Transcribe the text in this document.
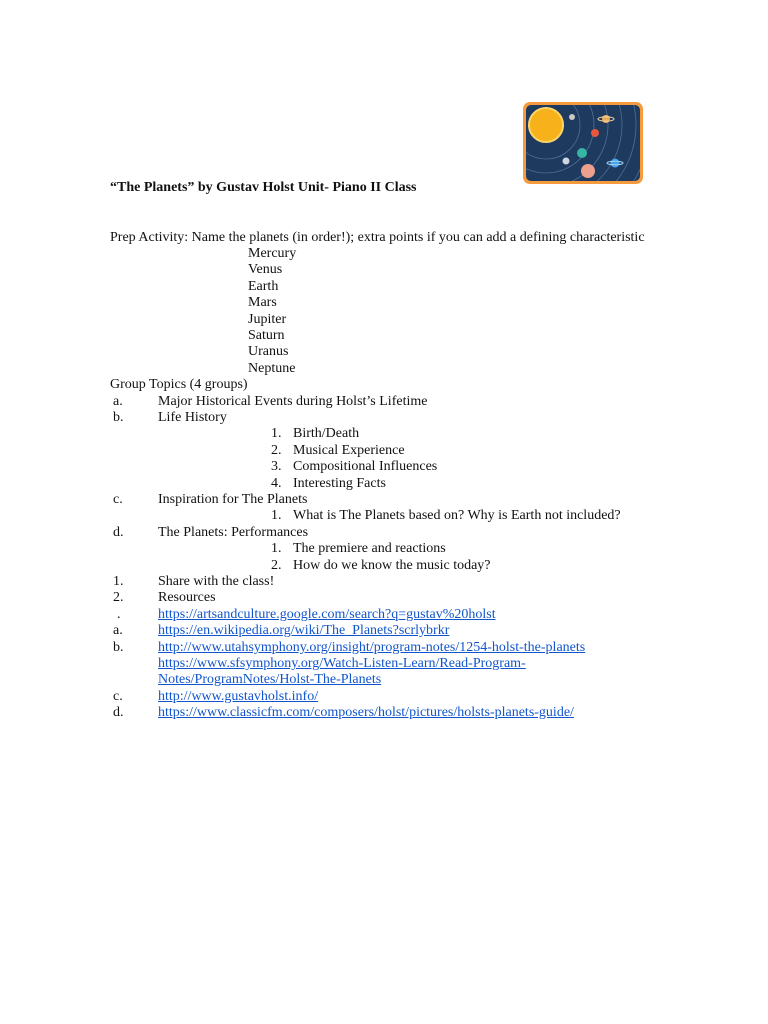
“The Planets” by Gustav Holst Unit- Piano II Class
Prep Activity: Name the planets (in order!); extra points if you can add a defining characteristic
Mercury
Venus
Earth
Mars
Jupiter
Saturn
Uranus
Neptune
Group Topics (4 groups)
a.	Major Historical Events during Holst’s Lifetime
b. Life History
1. Birth/Death
2. Musical Experience
3. Compositional Influences
4. Interesting Facts
c.	Inspiration for The Planets
1. What is The Planets based on? Why is Earth not included?
d. The Planets: Performances
1. The premiere and reactions
2. How do we know the music today?
1. Share with the class!
2. Resources
.	https://artsandculture.google.com/search?q=gustav%20holst
a.	https://en.wikipedia.org/wiki/The_Planets?scrlybrkr
b. http://www.utahsymphony.org/insight/program-notes/1254-holst-the-planets
https://www.sfsymphony.org/Watch-Listen-Learn/Read-Program-
Notes/ProgramNotes/Holst-The-Planets
c.	http://www.gustavholst.info/
d. https://www.classicfm.com/composers/holst/pictures/holsts-planets-guide/
